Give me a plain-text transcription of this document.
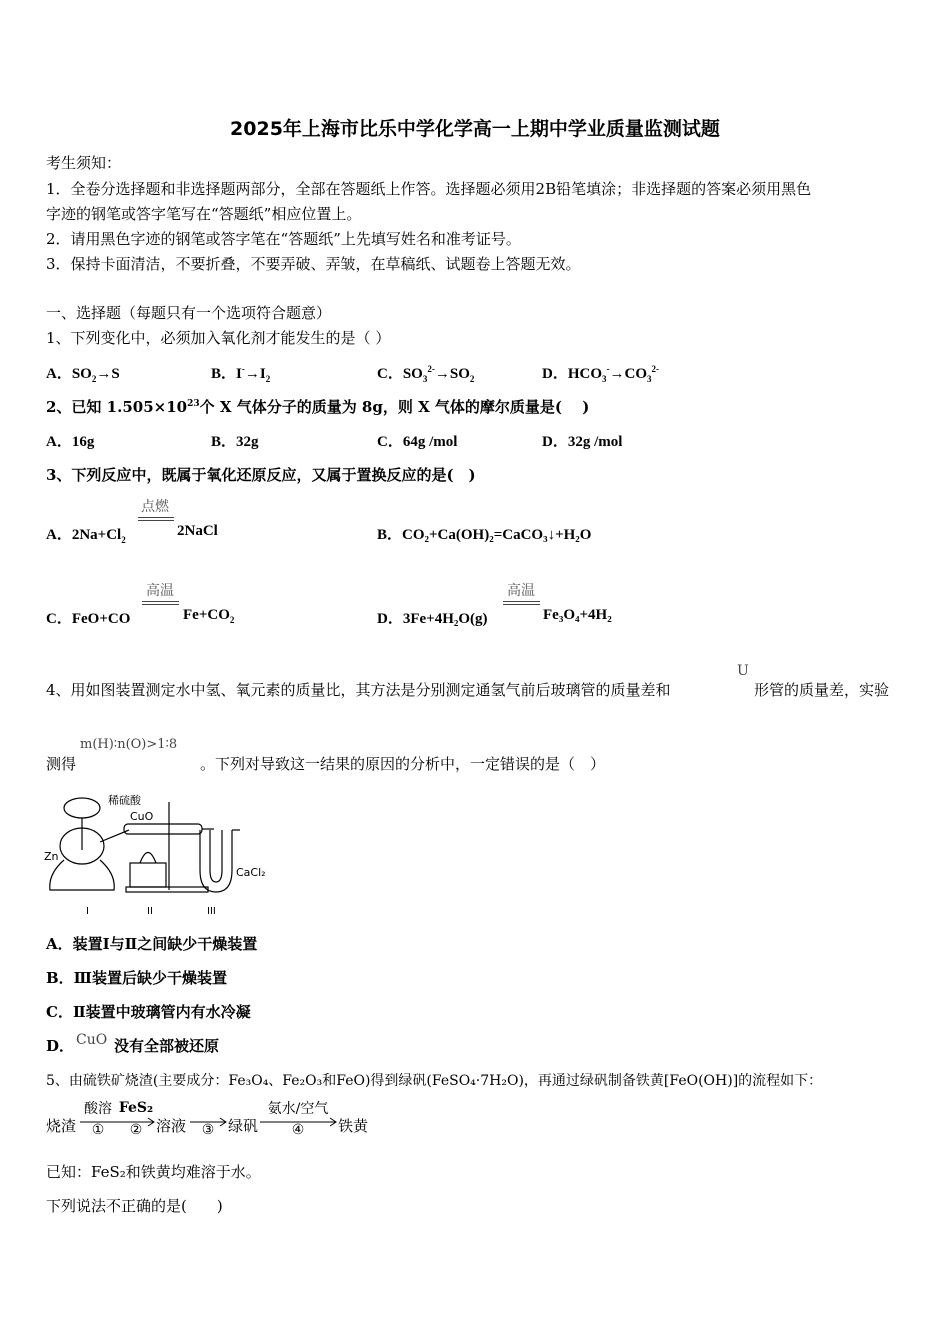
2025年上海市比乐中学化学高一上期中学业质量监测试题
考生须知：
1．全卷分选择题和非选择题两部分，全部在答题纸上作答。选择题必须用2B铅笔填涂；非选择题的答案必须用黑色
字迹的钢笔或答字笔写在“答题纸”相应位置上。
2．请用黑色字迹的钢笔或答字笔在“答题纸”上先填写姓名和准考证号。
3．保持卡面清洁，不要折叠，不要弄破、弄皱，在草稿纸、试题卷上答题无效。
一、选择题（每题只有一个选项符合题意）
1、下列变化中，必须加入氧化剂才能发生的是（ ）
A．$SO_2\to S$	B．$I^-\to I_2$	C．$SO_3^{2-}\to SO_2$	D．$HCO_3^-\to CO_3^{2-}$
2、已知 $1.505\times 10^{23}$个 X 气体分子的质量为 8g，则 X 气体的摩尔质量是(　 )
A．16g	B．32g	C．64g /mol	D．32g /mol
3、下列反应中，既属于氧化还原反应，又属于置换反应的是(　)
A．$2Na+Cl_2$
点燃
2NaCl	B．CO₂+Ca(OH)₂=CaCO₃↓+H₂O
C．FeO+CO
高温
$Fe+CO_2$	D．3Fe+4H₂O(g)
高温
Fe₃O₄+4H₂
4、用如图装置测定水中氢、氧元素的质量比，其方法是分别测定通氢气前后玻璃管的质量差和
U
形管的质量差，实验
测得
m(H)∶n(O)>1∶8
。下列对导致这一结果的原因的分析中，一定错误的是（　）
稀硫酸
CuO
Zn
CaCl₂
I	II	III
A．装置Ⅰ与Ⅱ之间缺少干燥装置
B．Ⅲ装置后缺少干燥装置
C．Ⅱ装置中玻璃管内有水冷凝
D． CuO 没有全部被还原
5、由硫铁矿烧渣(主要成分：Fe₃O₄、Fe₂O₃和FeO)得到绿矾(FeSO₄·7H₂O)，再通过绿矾制备铁黄[FeO(OH)]的流程如下：
烧渣
酸溶
①
FeS₂
② 溶液	③ 绿矾
氨水/空气
④	铁黄
已知：FeS₂和铁黄均难溶于水。
下列说法不正确的是(　　)
